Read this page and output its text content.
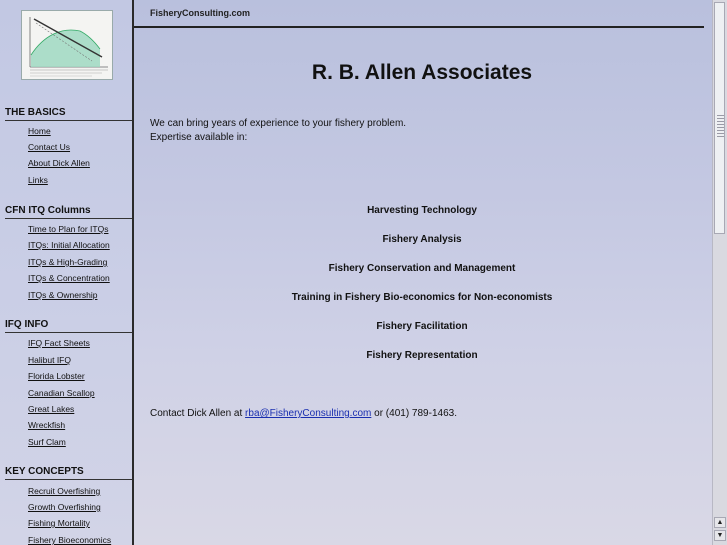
THE BASICS
Home
Contact Us
About Dick Allen
Links
CFN ITQ Columns
Time to Plan for ITQs
ITQs: Initial Allocation
ITQs & High-Grading
ITQs & Concentration
ITQs & Ownership
IFQ INFO
IFQ Fact Sheets
Halibut IFQ
Florida Lobster
Canadian Scallop
Great Lakes
Wreckfish
Surf Clam
KEY CONCEPTS
Recruit Overfishing
Growth Overfishing
Fishing Mortality
Fishery Bioeconomics
FisheryConsulting.com
R. B. Allen Associates
We can bring years of experience to your fishery problem.
Expertise available in:
Harvesting Technology
Fishery Analysis
Fishery Conservation and Management
Training in Fishery Bio-economics for Non-economists
Fishery Facilitation
Fishery Representation
Contact Dick Allen at rba@FisheryConsulting.com or (401) 789-1463.
▲
▼
